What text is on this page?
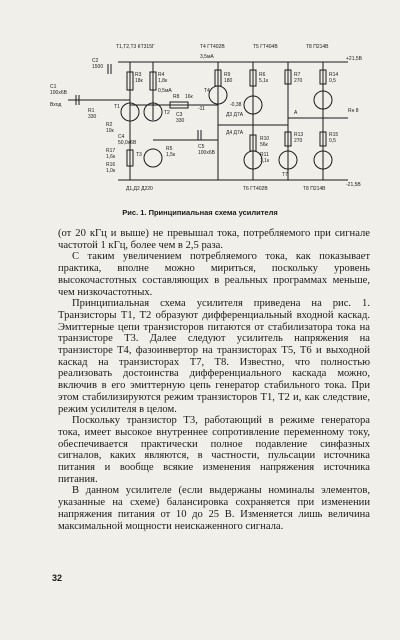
T1,T2,T3 КТ315Г	T4 ГТ402В	T5 ГТ404В	T8 П214В
+21,5В
-21,5В
C2
1500
R3
18к
R4
1,8к
C1
100x6В
Вход
R1
330
R2
10к
T1
T2
0,5мА
R8 16к
R9
180
T4
R6
5,1к
R7
270
R14
0,5
C3
330
Д3 Д7А
Д4 Д7А
C5
100x6В
R10
56к
R11
1,1к
C4
50,0x6В
R5
1,5к
R13
270
R15
0,5
A	Rн 8
T3
R17
1,6к
R16
1,0к
Д1,Д2 Д220	T6 ГТ402В
T7
T8 П214В
3,5мА
-0,38
-11
Рис. 1. Принципиальная схема усилителя

(от 20 кГц и выше) не превышал тока, потребляемого при сигнале частотой 1 кГц, более чем в 2,5 раза.

С таким увеличением потребляемого тока, как показывает практика, вполне можно мириться, поскольку уровень высокочастотных составляющих в реальных программах меньше, чем низкочастотных.

Принципиальная схема усилителя приведена на рис. 1. Транзисторы T1, T2 образуют дифференциальный входной каскад. Эмиттерные цепи транзисторов питаются от стабилизатора тока на транзисторе T3. Далее следуют усилитель напряжения на транзисторе T4, фазоинвертор на транзисторах T5, T6 и выходной каскад на транзисторах T7, T8. Известно, что полностью реализовать достоинства дифференциального каскада можно, включив в его эмиттерную цепь генератор стабильного тока. При этом стабилизируются режим транзисторов T1, T2 и, как следствие, режим усилителя в целом.

Поскольку транзистор T3, работающий в режиме генератора тока, имеет высокое внутреннее сопротивление переменному току, обеспечивается практически полное подавление синфазных сигналов, каких являются, в частности, пульсации источника питания и вообще всякие изменения напряжения источника питания.

В данном усилителе (если выдержаны номиналы элементов, указанные на схеме) балансировка сохраняется при изменении напряжения питания от 10 до 25 В. Изменяется лишь величина максимальной мощности неискаженного сигнала.

32
